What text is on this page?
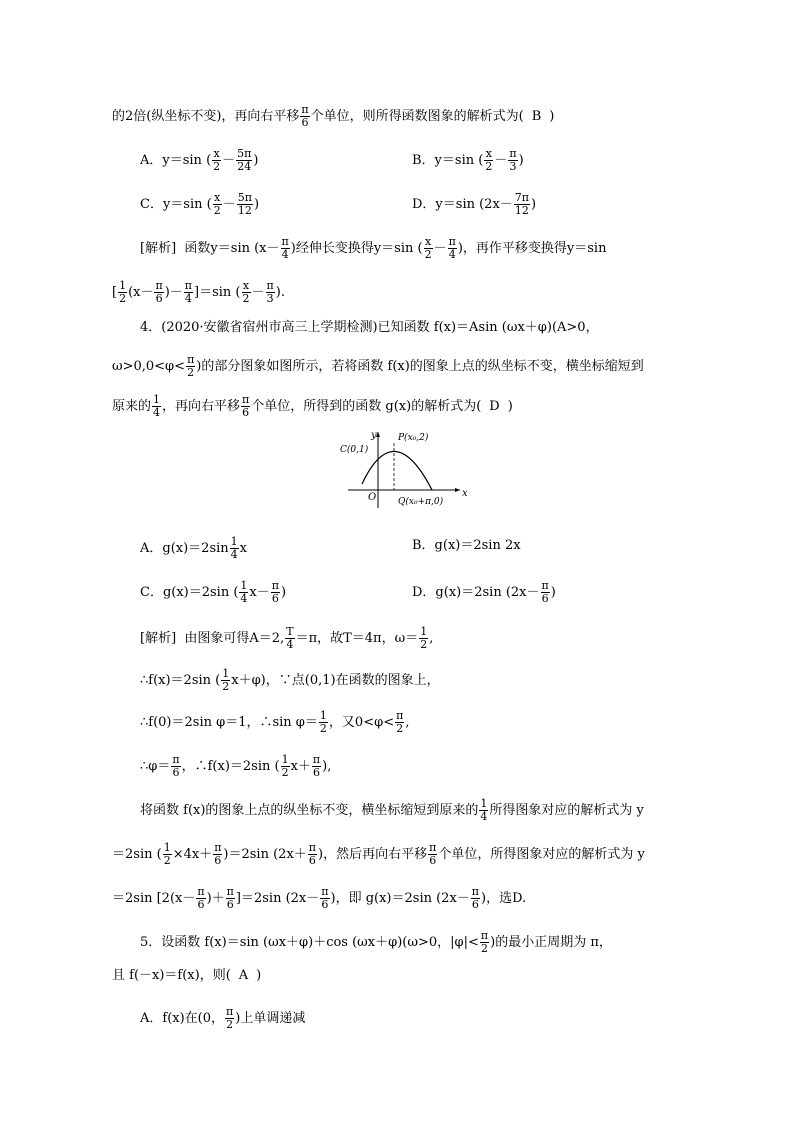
的2倍(纵坐标不变)，再向右平移 $\frac{\pi}{6}$ 个单位，则所得函数图象的解析式为( B )
A．y＝sin ( $\frac{x}{2} - \frac{5\pi}{24}$ )	B．y＝sin ( $\frac{x}{2} - \frac{\pi}{3}$ )
C．y＝sin ( $\frac{x}{2} - \frac{5\pi}{12}$ )	D．y＝sin ($2x- \frac{7\pi}{12}$ )
[解析] 函数y＝sin ($x- \frac{\pi}{4}$ )经伸长变换得y＝sin ( $\frac{x}{2} - \frac{\pi}{4}$ )，再作平移变换得y＝sin
[ $\frac{1}{2} (x- \frac{\pi}{6}$ )－ $\frac{\pi}{4} ]=\sin$ ( $\frac{x}{2} - \frac{\pi}{3}$ ).
4．(2020·安徽省宿州市高三上学期检测)已知函数 f(x)＝Asin (ωx＋φ)(A>0，
$\omega>0,0<\varphi< \frac{\pi}{2}$ )的部分图象如图所示，若将函数 f(x)的图象上点的纵坐标不变，横坐标缩短到
原来的 $\frac{1}{4}$ ，再向右平移 $\frac{\pi}{6}$ 个单位，所得到的函数 g(x)的解析式为( D )
y
x
O
C(0,1)
P(x₀,2)
Q(x₀+π,0)
A．$g(x)=2\sin \frac{1}{4}$ x	B．g(x)＝2sin 2x
C．g(x)＝2sin ( $\frac{1}{4} x- \frac{\pi}{6}$ )	D．g(x)＝2sin ($2x- \frac{\pi}{6}$ )
[解析] 由图象可得A＝2, $\frac{T}{4} =\pi$，故T＝4π，$\omega= \frac{1}{2}$ ,
∴f(x)＝2sin ( $\frac{1}{2} x+\varphi$)，∵点(0,1)在函数的图象上，
∴f(0)＝2sin φ＝1，∴sin $\varphi= \frac{1}{2}$ ，又$0<\varphi< \frac{\pi}{2}$ ,
∴φ＝ $\frac{\pi}{6}$ ，∴f(x)＝2sin ( $\frac{1}{2} x+ \frac{\pi}{6}$ ),
将函数 f(x)的图象上点的纵坐标不变，横坐标缩短到原来的 $\frac{1}{4}$ 所得图象对应的解析式为 y
＝2sin ( $\frac{1}{2} \times 4x+ \frac{\pi}{6} )=2\sin$ ($2x+ \frac{\pi}{6}$ )，然后再向右平移 $\frac{\pi}{6}$ 个单位，所得图象对应的解析式为 y
＝2sin [$2(x- \frac{\pi}{6}$ )＋ $\frac{\pi}{6} ]=2\sin$ ($2x- \frac{\pi}{6}$ )，即 g(x)＝2sin ($2x- \frac{\pi}{6}$ )，选D.
5．设函数 f(x)＝sin (ωx＋φ)＋cos (ωx＋φ)(ω>0，$|\varphi|< \frac{\pi}{2}$ )的最小正周期为 π，
且 f(－x)＝f(x)，则( A )
A．f(x)在(0， $\frac{\pi}{2}$ )上单调递减
